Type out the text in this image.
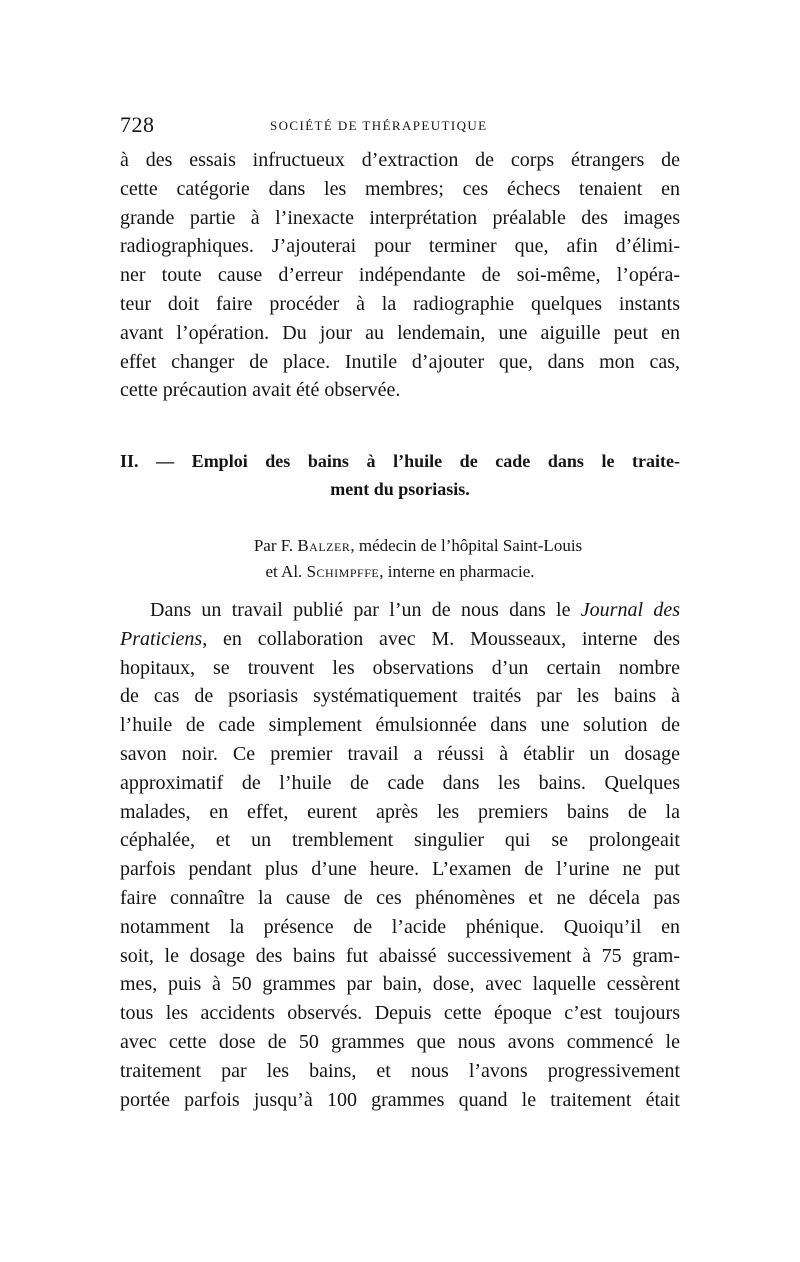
728	SOCIÉTÉ DE THÉRAPEUTIQUE
à des essais infructueux d’extraction de corps étrangers de
cette catégorie dans les membres; ces échecs tenaient en
grande partie à l’inexacte interprétation préalable des images
radiographiques. J’ajouterai pour terminer que, afin d’élimi-
ner toute cause d’erreur indépendante de soi-même, l’opéra-
teur doit faire procéder à la radiographie quelques instants
avant l’opération. Du jour au lendemain, une aiguille peut en
effet changer de place. Inutile d’ajouter que, dans mon cas,
cette précaution avait été observée.
II. — Emploi des bains à l’huile de cade dans le traite-
ment du psoriasis.
Par F. Balzer, médecin de l’hôpital Saint-Louis
et Al. Schimpffe, interne en pharmacie.
Dans un travail publié par l’un de nous dans le Journal des
Praticiens, en collaboration avec M. Mousseaux, interne des
hopitaux, se trouvent les observations d’un certain nombre
de cas de psoriasis systématiquement traités par les bains à
l’huile de cade simplement émulsionnée dans une solution de
savon noir. Ce premier travail a réussi à établir un dosage
approximatif de l’huile de cade dans les bains. Quelques
malades, en effet, eurent après les premiers bains de la
céphalée, et un tremblement singulier qui se prolongeait
parfois pendant plus d’une heure. L’examen de l’urine ne put
faire connaître la cause de ces phénomènes et ne décela pas
notamment la présence de l’acide phénique. Quoiqu’il en
soit, le dosage des bains fut abaissé successivement à 75 gram-
mes, puis à 50 grammes par bain, dose, avec laquelle cessèrent
tous les accidents observés. Depuis cette époque c’est toujours
avec cette dose de 50 grammes que nous avons commencé le
traitement par les bains, et nous l’avons progressivement
portée parfois jusqu’à 100 grammes quand le traitement était
